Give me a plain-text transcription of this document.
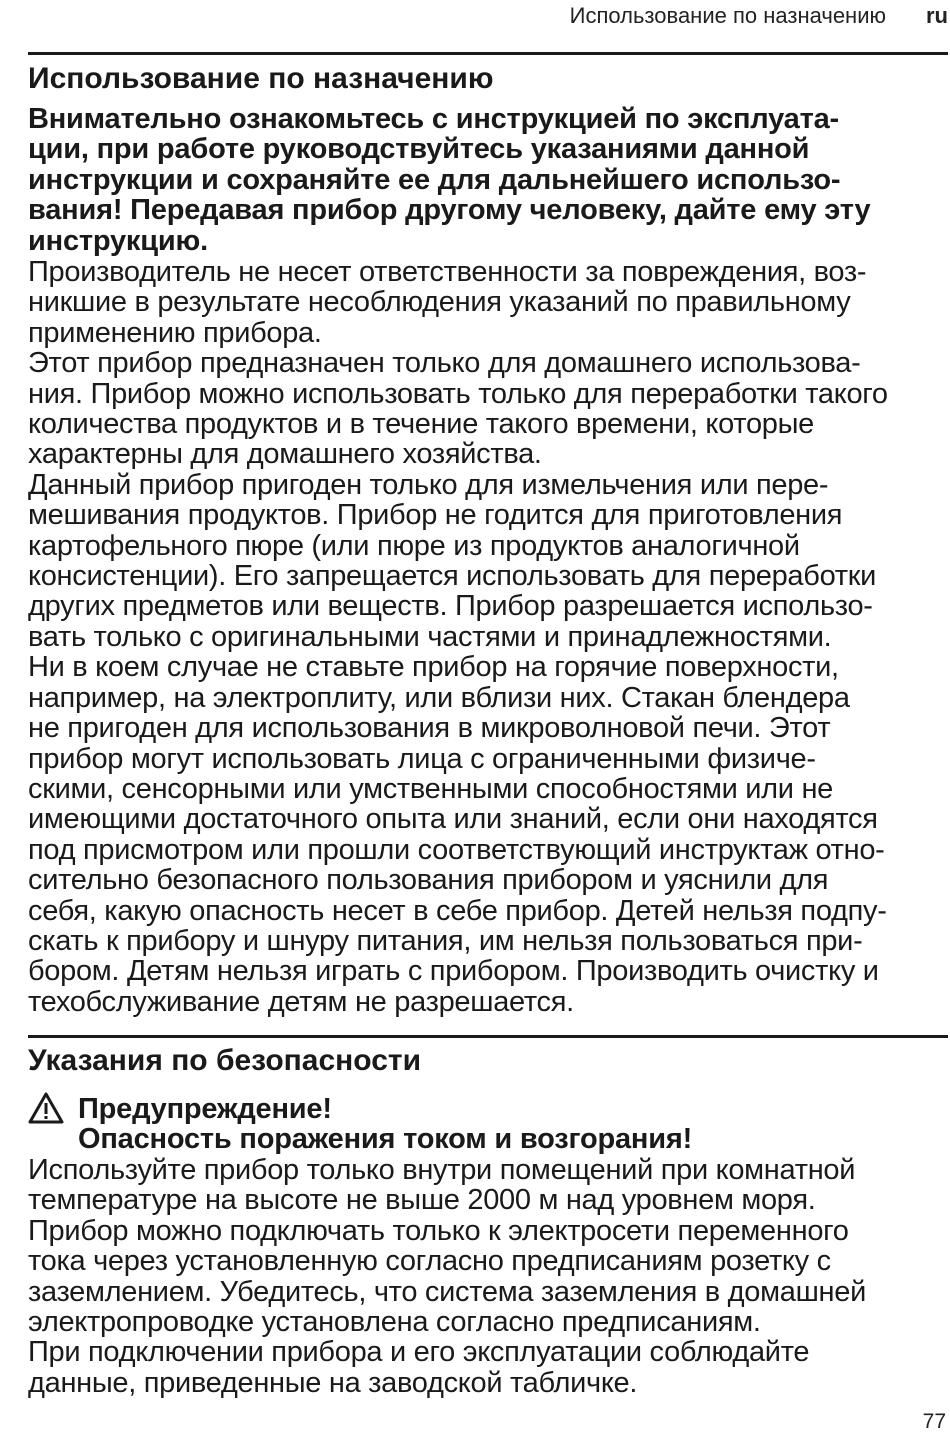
Использование по назначению ru
Использование по назначению
Внимательно ознакомьтесь с инструкцией по эксплуата-
ции, при работе руководствуйтесь указаниями данной
инструкции и сохраняйте ее для дальнейшего использо-
вания! Передавая прибор другому человеку, дайте ему эту
инструкцию.
Производитель не несет ответственности за повреждения, воз-
никшие в результате несоблюдения указаний по правильному
применению прибора.
Этот прибор предназначен только для домашнего использова-
ния. Прибор можно использовать только для переработки такого
количества продуктов и в течение такого времени, которые
характерны для домашнего хозяйства.
Данный прибор пригоден только для измельчения или пере-
мешивания продуктов. Прибор не годится для приготовления
картофельного пюре (или пюре из продуктов аналогичной
консистенции). Его запрещается использовать для переработки
других предметов или веществ. Прибор разрешается использо-
вать только с оригинальными частями и принадлежностями.
Ни в коем случае не ставьте прибор на горячие поверхности,
например, на электроплиту, или вблизи них. Стакан блендера
не пригоден для использования в микроволновой печи. Этот
прибор могут использовать лица с ограниченными физиче-
скими, сенсорными или умственными способностями или не
имеющими достаточного опыта или знаний, если они находятся
под присмотром или прошли соответствующий инструктаж отно-
сительно безопасного пользования прибором и уяснили для
себя, какую опасность несет в себе прибор. Детей нельзя подпу-
скать к прибору и шнуру питания, им нельзя пользоваться при-
бором. Детям нельзя играть с прибором. Производить очистку и
техобслуживание детям не разрешается.
Указания по безопасности
Предупреждение!
Опасность поражения током и возгорания!
Используйте прибор только внутри помещений при комнатной
температуре на высоте не выше 2000 м над уровнем моря.
Прибор можно подключать только к электросети переменного
тока через установленную согласно предписаниям розетку с
заземлением. Убедитесь, что система заземления в домашней
электропроводке установлена согласно предписаниям.
При подключении прибора и его эксплуатации соблюдайте
данные, приведенные на заводской табличке.
77
